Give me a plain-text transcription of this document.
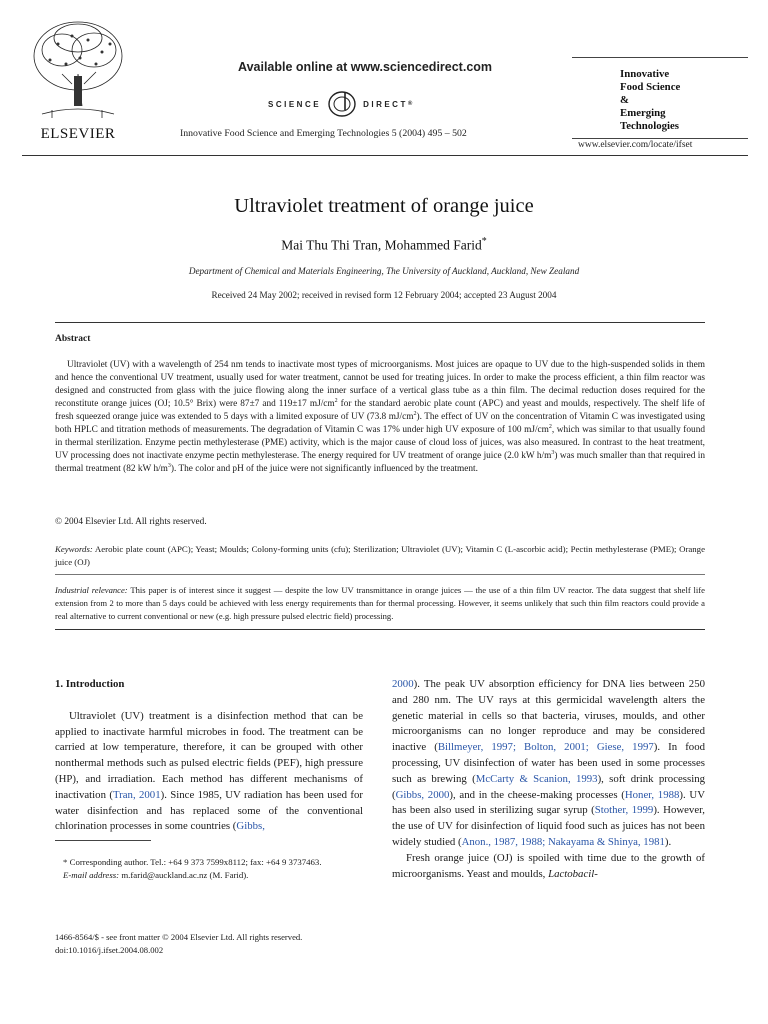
ELSEVIER
Available online at www.sciencedirect.com
SCIENCE	DIRECT ®
Innovative Food Science and Emerging Technologies 5 (2004) 495 – 502
Innovative
Food Science
&
Emerging
Technologies
www.elsevier.com/locate/ifset
Ultraviolet treatment of orange juice
Mai Thu Thi Tran, Mohammed Farid*
Department of Chemical and Materials Engineering, The University of Auckland, Auckland, New Zealand
Received 24 May 2002; received in revised form 12 February 2004; accepted 23 August 2004
Abstract
Ultraviolet (UV) with a wavelength of 254 nm tends to inactivate most types of microorganisms. Most juices are opaque to UV due to the high-suspended solids in them and hence the conventional UV treatment, usually used for water treatment, cannot be used for treating juices. In order to make the process efficient, a thin film reactor was designed and constructed from glass with the juice flowing along the inner surface of a vertical glass tube as a thin film. The decimal reduction doses required for the reconstitute orange juices (OJ; 10.5° Brix) were 87±7 and 119±17 $mJ/cm^2$ for the standard aerobic plate count (APC) and yeast and moulds, respectively. The shelf life of fresh squeezed orange juice was extended to 5 days with a limited exposure of UV (73.8 $mJ/cm^2$). The effect of UV on the concentration of Vitamin C was investigated using both HPLC and titration methods of measurements. The degradation of Vitamin C was 17% under high UV exposure of 100 $mJ/cm^2$, which was similar to that usually found in thermal sterilization. Enzyme pectin methylesterase (PME) activity, which is the major cause of cloud loss of juices, was also measured. In contrast to the heat treatment, UV processing does not inactivate enzyme pectin methylesterase. The energy required for UV treatment of orange juice (2.0 kW $h/m^3$) was much smaller than that required in thermal treatment (82 kW $h/m^3$). The color and pH of the juice were not significantly influenced by the treatment.
© 2004 Elsevier Ltd. All rights reserved.
Keywords: Aerobic plate count (APC); Yeast; Moulds; Colony-forming units (cfu); Sterilization; Ultraviolet (UV); Vitamin C (L-ascorbic acid); Pectin methylesterase (PME); Orange juice (OJ)
Industrial relevance: This paper is of interest since it suggest — despite the low UV transmittance in orange juices — the use of a thin film UV reactor. The data suggest that shelf life extension from 2 to more than 5 days could be achieved with less energy requirements than for thermal processing. However, it seems unlikely that such thin film reactors could provide a real alternative to current conventional or new (e.g. high pressure pulsed electric field) processing.
1. Introduction
Ultraviolet (UV) treatment is a disinfection method that can be applied to inactivate harmful microbes in food. The treatment can be carried at low temperature, therefore, it can be grouped with other nonthermal methods such as pulsed electric fields (PEF), high pressure (HP), and irradiation. Each method has different mechanisms of inactivation (Tran, 2001). Since 1985, UV radiation has been used for water disinfection and has replaced some of the conventional chlorination processes in some countries (Gibbs,
* Corresponding author. Tel.: +64 9 373 7599x8112; fax: +64 9 3737463.
E-mail address: m.farid@auckland.ac.nz (M. Farid).
1466-8564/$ - see front matter © 2004 Elsevier Ltd. All rights reserved.
doi:10.1016/j.ifset.2004.08.002
2000). The peak UV absorption efficiency for DNA lies between 250 and 280 nm. The UV rays at this germicidal wavelength alters the genetic material in cells so that bacteria, viruses, moulds, and other microorganisms can no longer reproduce and may be considered inactive (Billmeyer, 1997; Bolton, 2001; Giese, 1997). In food processing, UV disinfection of water has been used in some processes such as brewing (McCarty & Scanion, 1993), soft drink processing (Gibbs, 2000), and in the cheese-making processes (Honer, 1988). UV has been also used in sterilizing sugar syrup (Stother, 1999). However, the use of UV for disinfection of liquid food such as juices has not been widely studied (Anon., 1987, 1988; Nakayama & Shinya, 1981).
Fresh orange juice (OJ) is spoiled with time due to the growth of microorganisms. Yeast and moulds, Lactobacil-
